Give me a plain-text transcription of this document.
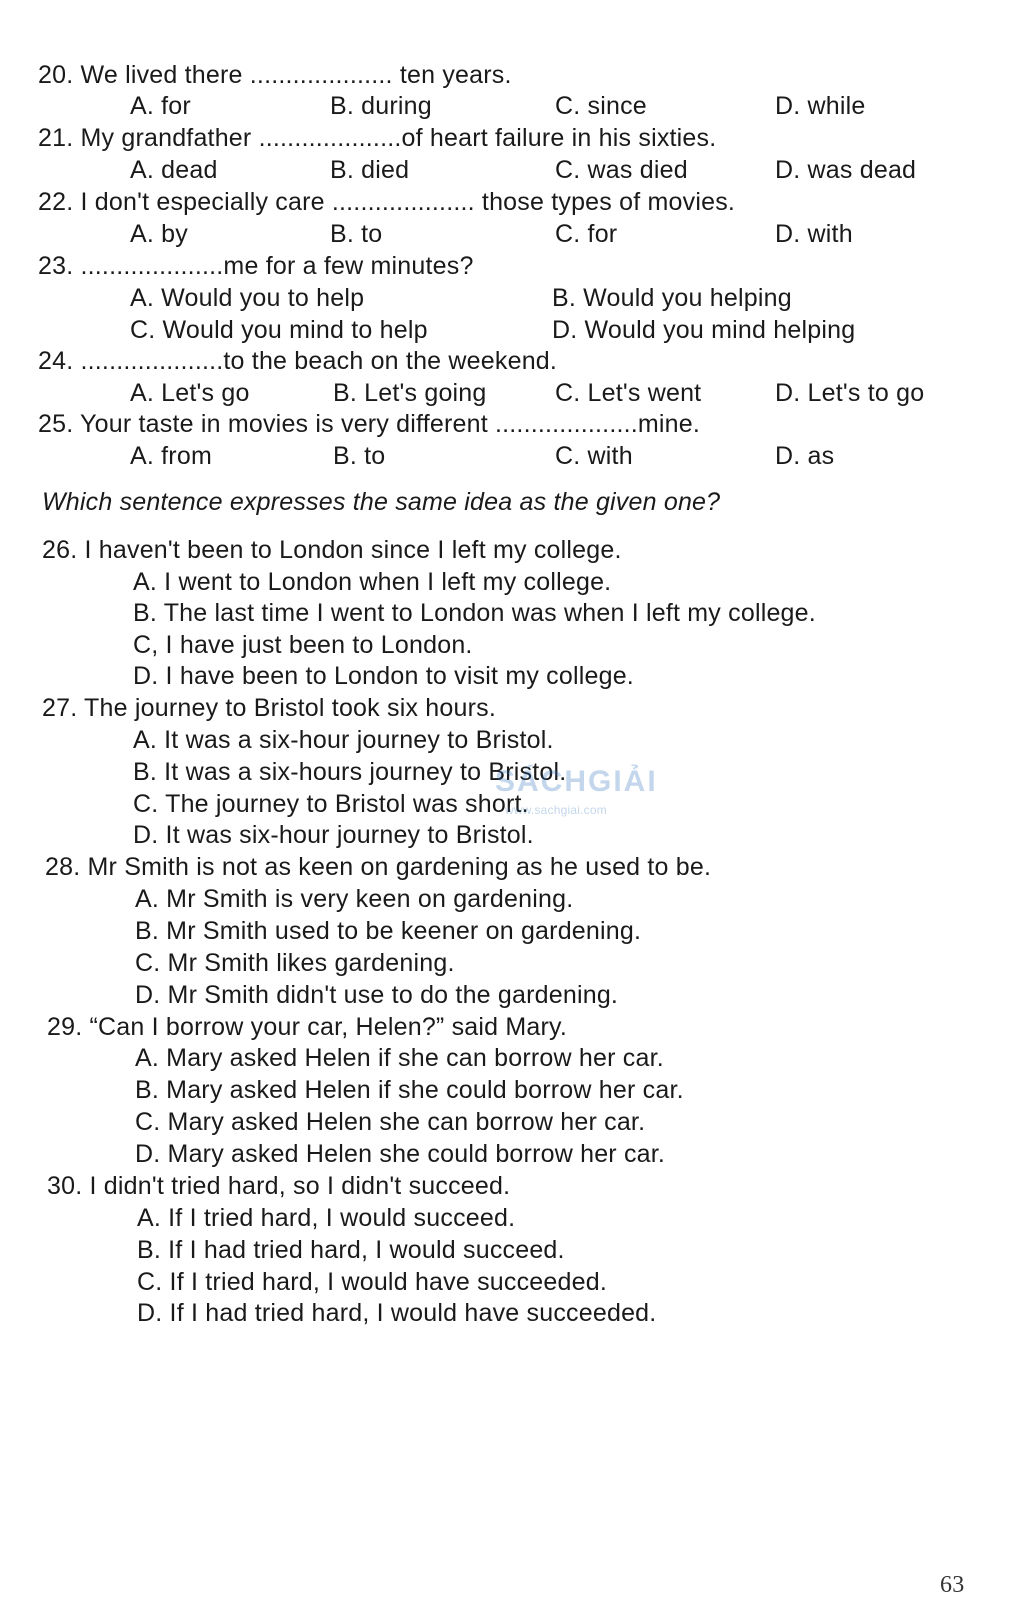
20. We lived there .................... ten years.
A. for	B. during	C. since	D. while
21. My grandfather ....................of heart failure in his sixties.
A. dead	B. died	C. was died	D. was dead
22. I don't especially care .................... those types of movies.
A. by	B. to	C. for	D. with
23. ....................me for a few minutes?
A. Would you to help	B. Would you helping
C. Would you mind to help	D. Would you mind helping
24. ....................to the beach on the weekend.
A. Let's go	B. Let's going	C. Let's went	D. Let's to go
25. Your taste in movies is very different ....................mine.
A. from	B. to	C. with	D. as
Which sentence expresses the same idea as the given one?
26. I haven't been to London since I left my college.
A. I went to London when I left my college.
B. The last time I went to London was when I left my college.
C, I have just been to London.
D. I have been to London to visit my college.
27. The journey to Bristol took six hours.
A. It was a six-hour journey to Bristol.
B. It was a six-hours journey to Bristol.
C. The journey to Bristol was short.
D. It was six-hour journey to Bristol.
28. Mr Smith is not as keen on gardening as he used to be.
A. Mr Smith is very keen on gardening.
B. Mr Smith used to be keener on gardening.
C. Mr Smith likes gardening.
D. Mr Smith didn't use to do the gardening.
29. “Can I borrow your car, Helen?” said Mary.
A. Mary asked Helen if she can borrow her car.
B. Mary asked Helen if she could borrow her car.
C. Mary asked Helen she can borrow her car.
D. Mary asked Helen she could borrow her car.
30. I didn't tried hard, so I didn't succeed.
A. If I tried hard, I would succeed.
B. If I had tried hard, I would succeed.
C. If I tried hard, I would have succeeded.
D. If I had tried hard, I would have succeeded.
SÁCHGIẢI
www.sachgiai.com
63
